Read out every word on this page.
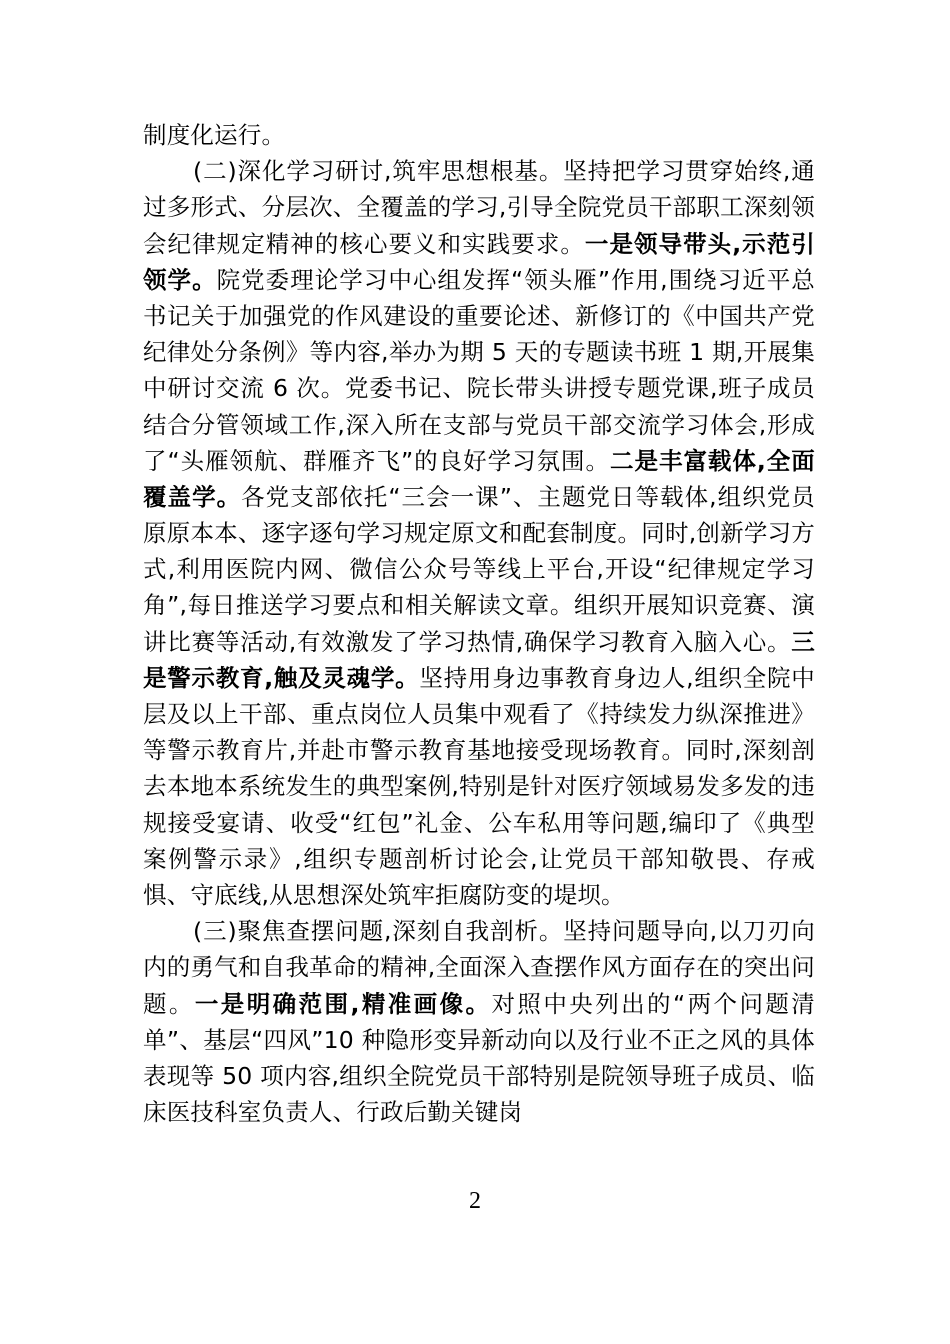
制度化运行。

(二)深化学习研讨,筑牢思想根基。坚持把学习贯穿始终,通过多形式、分层次、全覆盖的学习,引导全院党员干部职工深刻领会纪律规定精神的核心要义和实践要求。一是领导带头,示范引领学。院党委理论学习中心组发挥“领头雁”作用,围绕习近平总书记关于加强党的作风建设的重要论述、新修订的《中国共产党纪律处分条例》等内容,举办为期 5 天的专题读书班 1 期,开展集中研讨交流 6 次。党委书记、院长带头讲授专题党课,班子成员结合分管领域工作,深入所在支部与党员干部交流学习体会,形成了“头雁领航、群雁齐飞”的良好学习氛围。二是丰富载体,全面覆盖学。各党支部依托“三会一课”、主题党日等载体,组织党员原原本本、逐字逐句学习规定原文和配套制度。同时,创新学习方式,利用医院内网、微信公众号等线上平台,开设“纪律规定学习角”,每日推送学习要点和相关解读文章。组织开展知识竞赛、演讲比赛等活动,有效激发了学习热情,确保学习教育入脑入心。三是警示教育,触及灵魂学。坚持用身边事教育身边人,组织全院中层及以上干部、重点岗位人员集中观看了《持续发力纵深推进》等警示教育片,并赴市警示教育基地接受现场教育。同时,深刻剖去本地本系统发生的典型案例,特别是针对医疗领域易发多发的违规接受宴请、收受“红包”礼金、公车私用等问题,编印了《典型案例警示录》,组织专题剖析讨论会,让党员干部知敬畏、存戒惧、守底线,从思想深处筑牢拒腐防变的堤坝。

(三)聚焦查摆问题,深刻自我剖析。坚持问题导向,以刀刃向内的勇气和自我革命的精神,全面深入查摆作风方面存在的突出问题。一是明确范围,精准画像。对照中央列出的“两个问题清单”、基层“四风”10 种隐形变异新动向以及行业不正之风的具体表现等 50 项内容,组织全院党员干部特别是院领导班子成员、临床医技科室负责人、行政后勤关键岗

2
